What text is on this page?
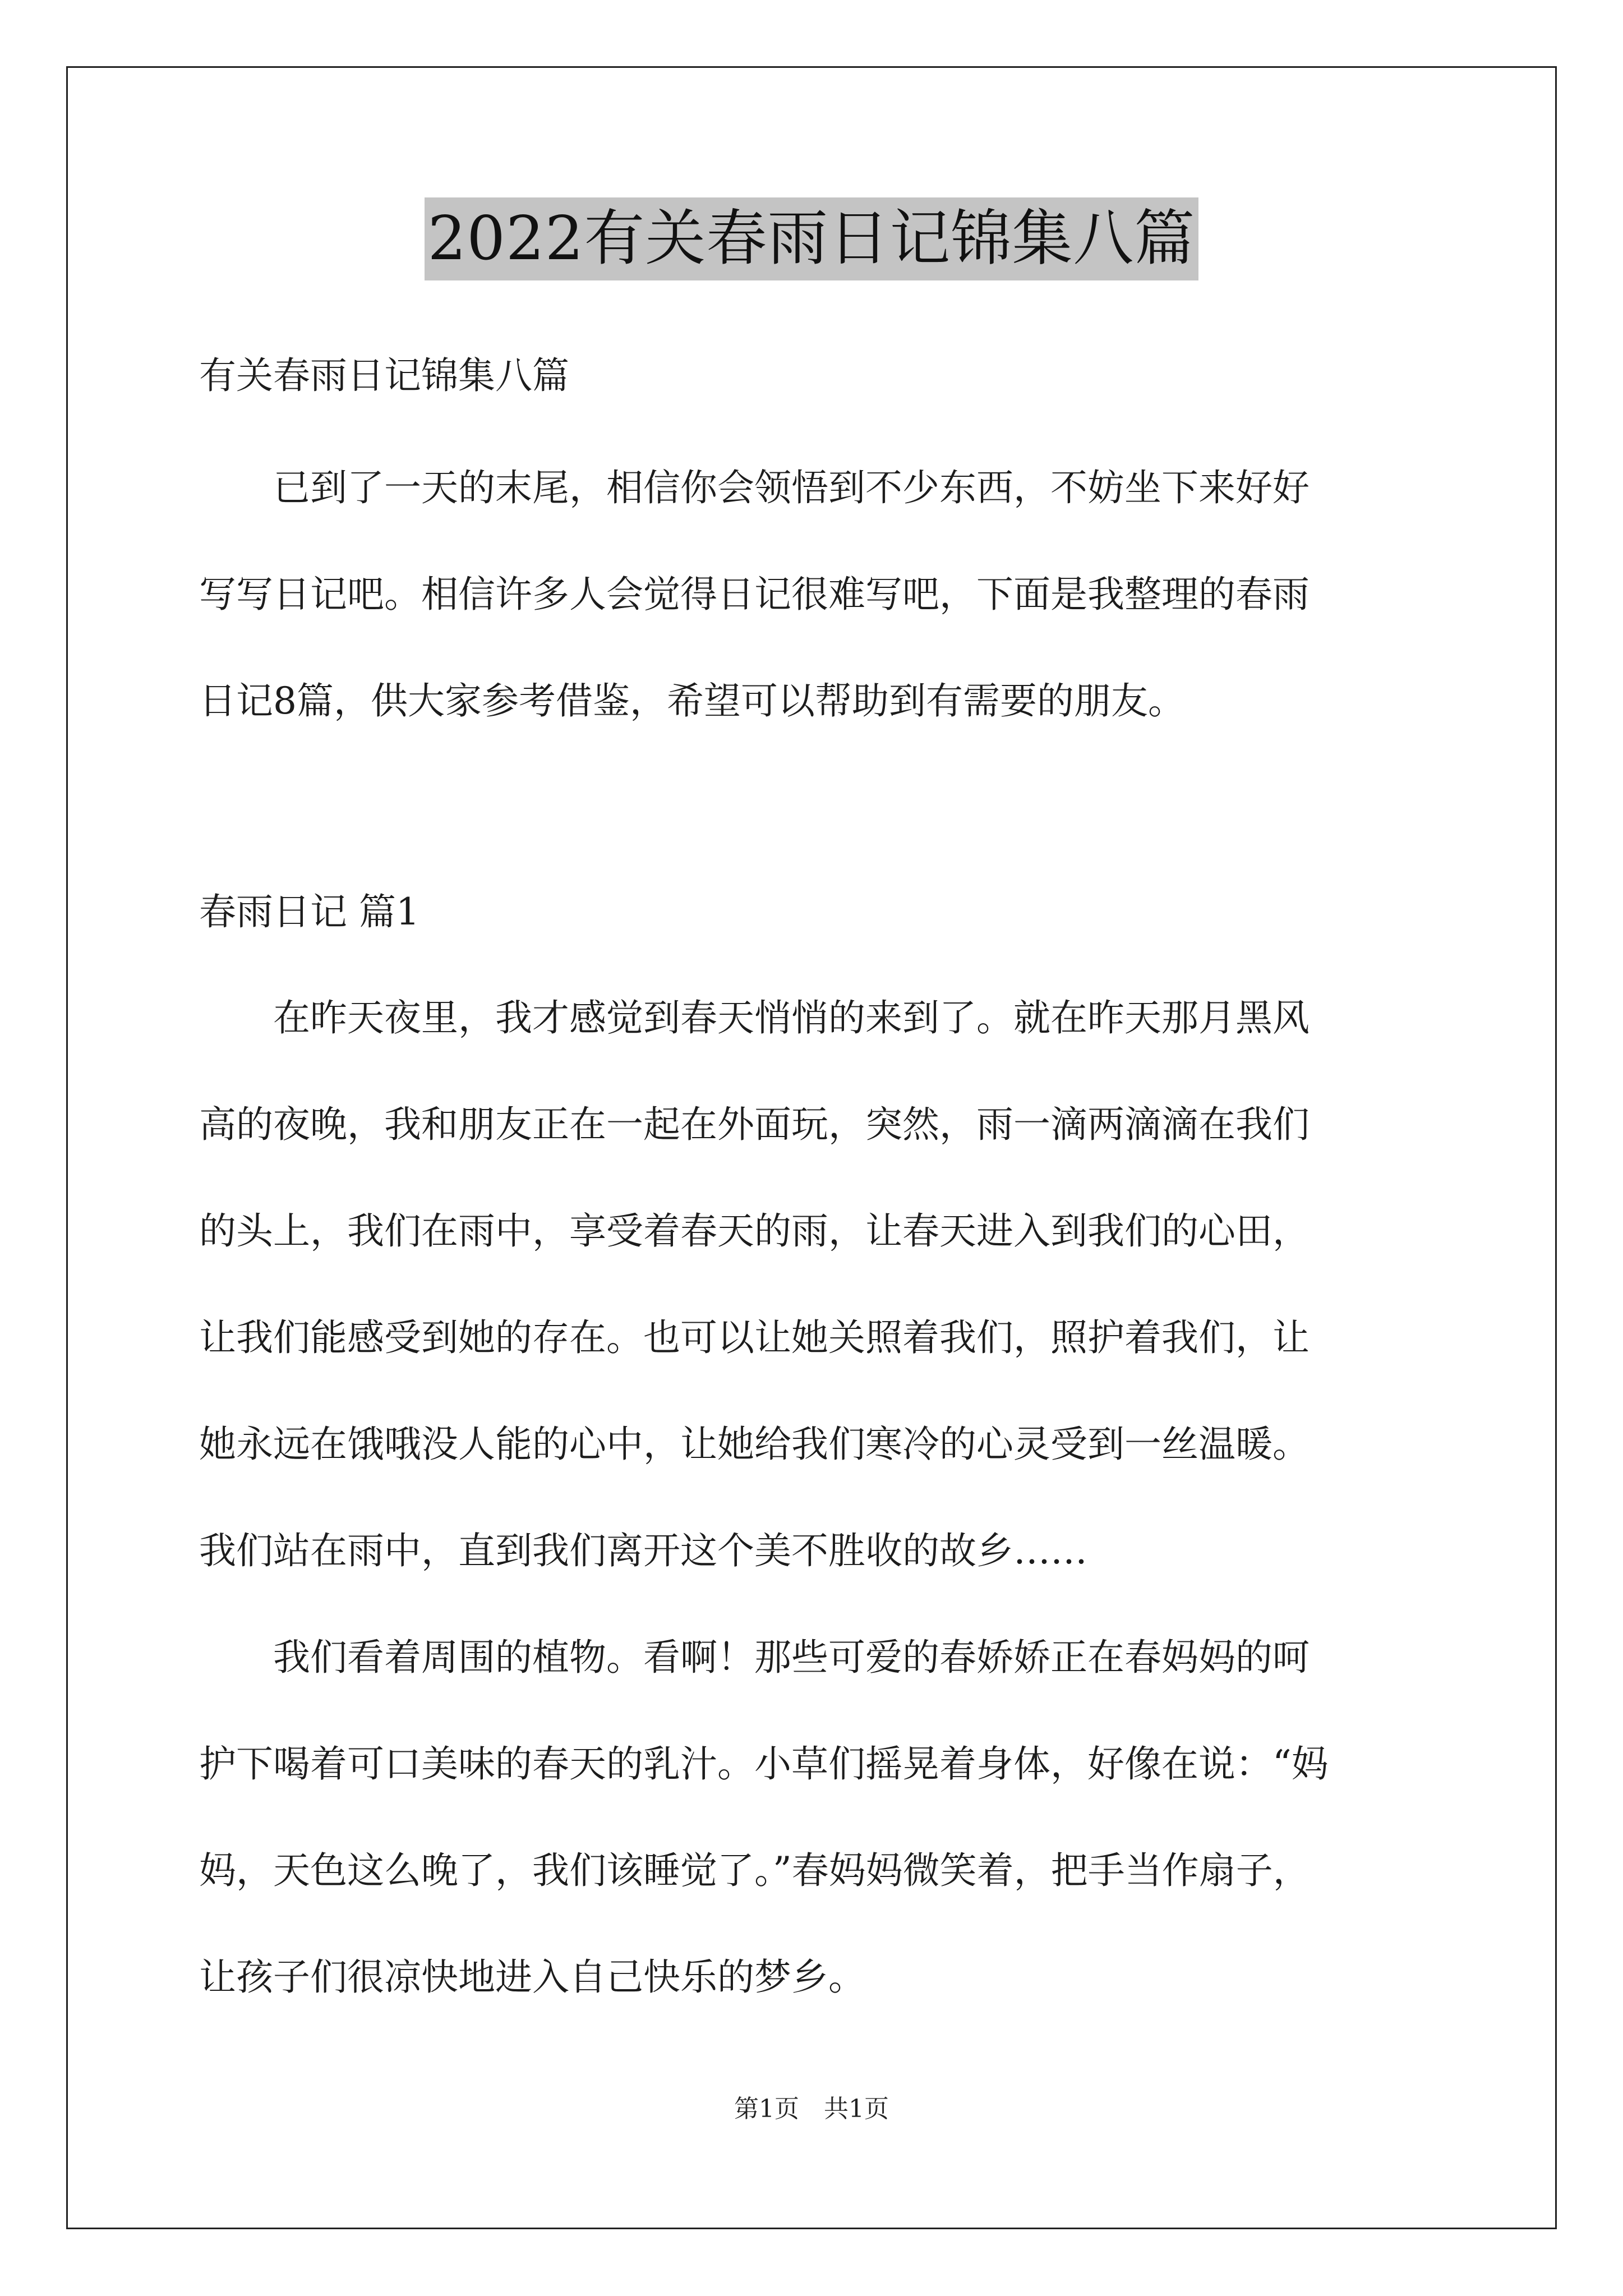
2022有关春雨日记锦集八篇
有关春雨日记锦集八篇
　　已到了一天的末尾，相信你会领悟到不少东西，不妨坐下来好好
写写日记吧。相信许多人会觉得日记很难写吧，下面是我整理的春雨
日记8篇，供大家参考借鉴，希望可以帮助到有需要的朋友。
春雨日记 篇1
　　在昨天夜里，我才感觉到春天悄悄的来到了。就在昨天那月黑风
高的夜晚，我和朋友正在一起在外面玩，突然，雨一滴两滴滴在我们
的头上，我们在雨中，享受着春天的雨，让春天进入到我们的心田，
让我们能感受到她的存在。也可以让她关照着我们，照护着我们，让
她永远在饿哦没人能的心中，让她给我们寒冷的心灵受到一丝温暖。
我们站在雨中，直到我们离开这个美不胜收的故乡……
　　我们看着周围的植物。看啊！那些可爱的春娇娇正在春妈妈的呵
护下喝着可口美味的春天的乳汁。小草们摇晃着身体，好像在说：“妈
妈，天色这么晚了，我们该睡觉了。”春妈妈微笑着，把手当作扇子，
让孩子们很凉快地进入自己快乐的梦乡。
第1页　共1页
